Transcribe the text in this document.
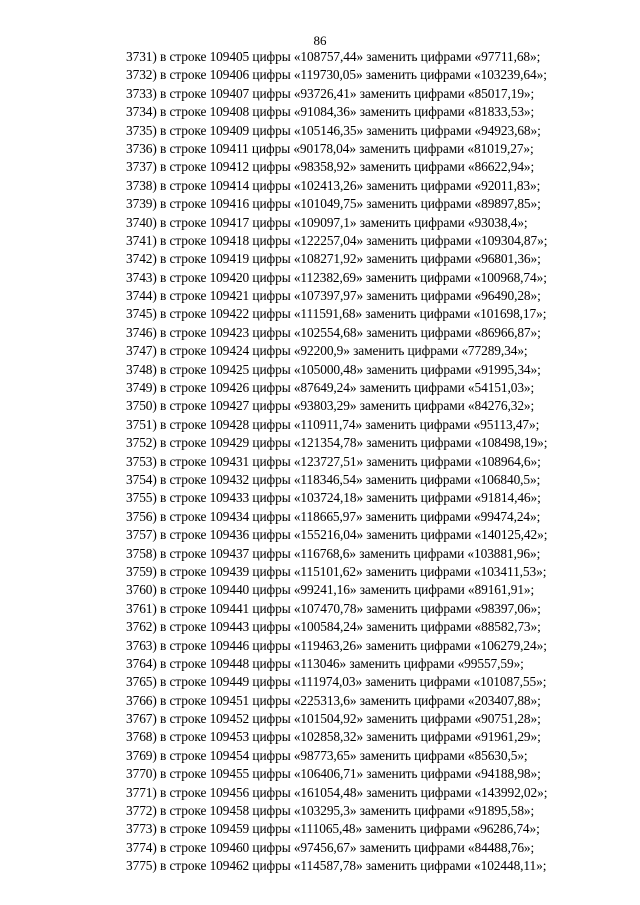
86
3731) в строке 109405 цифры «108757,44» заменить цифрами «97711,68»;
3732) в строке 109406 цифры «119730,05» заменить цифрами «103239,64»;
3733) в строке 109407 цифры «93726,41» заменить цифрами «85017,19»;
3734) в строке 109408 цифры «91084,36» заменить цифрами «81833,53»;
3735) в строке 109409 цифры «105146,35» заменить цифрами «94923,68»;
3736) в строке 109411 цифры «90178,04» заменить цифрами «81019,27»;
3737) в строке 109412 цифры «98358,92» заменить цифрами «86622,94»;
3738) в строке 109414 цифры «102413,26» заменить цифрами «92011,83»;
3739) в строке 109416 цифры «101049,75» заменить цифрами «89897,85»;
3740) в строке 109417 цифры «109097,1» заменить цифрами «93038,4»;
3741) в строке 109418 цифры «122257,04» заменить цифрами «109304,87»;
3742) в строке 109419 цифры «108271,92» заменить цифрами «96801,36»;
3743) в строке 109420 цифры «112382,69» заменить цифрами «100968,74»;
3744) в строке 109421 цифры «107397,97» заменить цифрами «96490,28»;
3745) в строке 109422 цифры «111591,68» заменить цифрами «101698,17»;
3746) в строке 109423 цифры «102554,68» заменить цифрами «86966,87»;
3747) в строке 109424 цифры «92200,9» заменить цифрами «77289,34»;
3748) в строке 109425 цифры «105000,48» заменить цифрами «91995,34»;
3749) в строке 109426 цифры «87649,24» заменить цифрами «54151,03»;
3750) в строке 109427 цифры «93803,29» заменить цифрами «84276,32»;
3751) в строке 109428 цифры «110911,74» заменить цифрами «95113,47»;
3752) в строке 109429 цифры «121354,78» заменить цифрами «108498,19»;
3753) в строке 109431 цифры «123727,51» заменить цифрами «108964,6»;
3754) в строке 109432 цифры «118346,54» заменить цифрами «106840,5»;
3755) в строке 109433 цифры «103724,18» заменить цифрами «91814,46»;
3756) в строке 109434 цифры «118665,97» заменить цифрами «99474,24»;
3757) в строке 109436 цифры «155216,04» заменить цифрами «140125,42»;
3758) в строке 109437 цифры «116768,6» заменить цифрами «103881,96»;
3759) в строке 109439 цифры «115101,62» заменить цифрами «103411,53»;
3760) в строке 109440 цифры «99241,16» заменить цифрами «89161,91»;
3761) в строке 109441 цифры «107470,78» заменить цифрами «98397,06»;
3762) в строке 109443 цифры «100584,24» заменить цифрами «88582,73»;
3763) в строке 109446 цифры «119463,26» заменить цифрами «106279,24»;
3764) в строке 109448 цифры «113046» заменить цифрами «99557,59»;
3765) в строке 109449 цифры «111974,03» заменить цифрами «101087,55»;
3766) в строке 109451 цифры «225313,6» заменить цифрами «203407,88»;
3767) в строке 109452 цифры «101504,92» заменить цифрами «90751,28»;
3768) в строке 109453 цифры «102858,32» заменить цифрами «91961,29»;
3769) в строке 109454 цифры «98773,65» заменить цифрами «85630,5»;
3770) в строке 109455 цифры «106406,71» заменить цифрами «94188,98»;
3771) в строке 109456 цифры «161054,48» заменить цифрами «143992,02»;
3772) в строке 109458 цифры «103295,3» заменить цифрами «91895,58»;
3773) в строке 109459 цифры «111065,48» заменить цифрами «96286,74»;
3774) в строке 109460 цифры «97456,67» заменить цифрами «84488,76»;
3775) в строке 109462 цифры «114587,78» заменить цифрами «102448,11»;
